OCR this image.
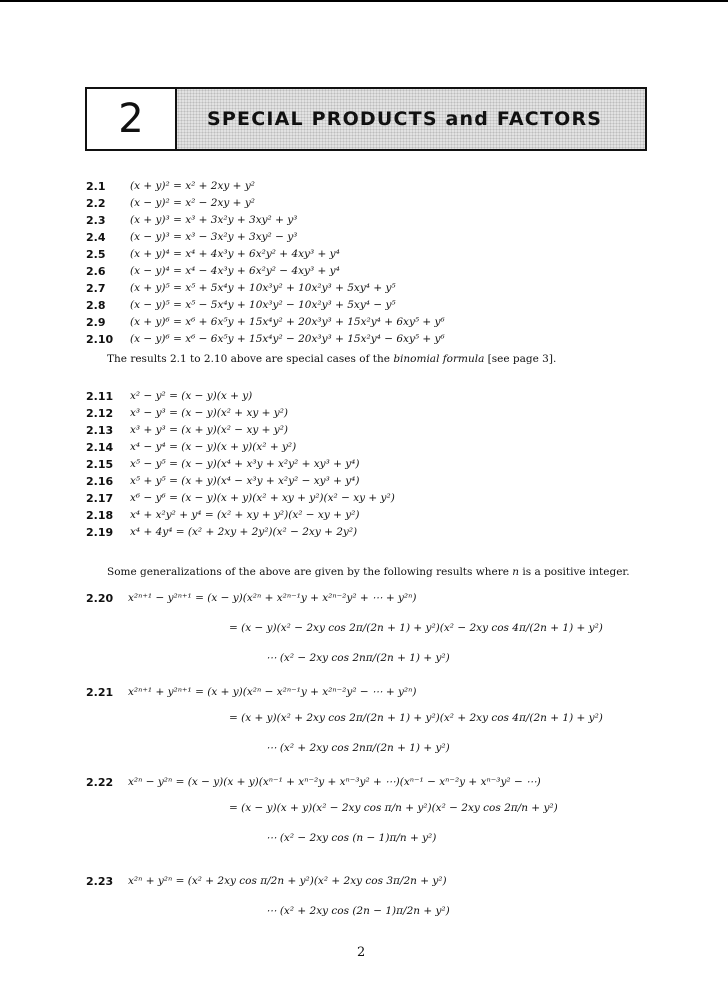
2	SPECIAL PRODUCTS and FACTORS
2.1 (x + y)² = x² + 2xy + y²
2.2 (x − y)² = x² − 2xy + y²
2.3 (x + y)³ = x³ + 3x²y + 3xy² + y³
2.4 (x − y)³ = x³ − 3x²y + 3xy² − y³
2.5 (x + y)⁴ = x⁴ + 4x³y + 6x²y² + 4xy³ + y⁴
2.6 (x − y)⁴ = x⁴ − 4x³y + 6x²y² − 4xy³ + y⁴
2.7 (x + y)⁵ = x⁵ + 5x⁴y + 10x³y² + 10x²y³ + 5xy⁴ + y⁵
2.8 (x − y)⁵ = x⁵ − 5x⁴y + 10x³y² − 10x²y³ + 5xy⁴ − y⁵
2.9 (x + y)⁶ = x⁶ + 6x⁵y + 15x⁴y² + 20x³y³ + 15x²y⁴ + 6xy⁵ + y⁶
2.10 (x − y)⁶ = x⁶ − 6x⁵y + 15x⁴y² − 20x³y³ + 15x²y⁴ − 6xy⁵ + y⁶
The results 2.1 to 2.10 above are special cases of the binomial formula [see page 3].
2.11 x² − y² = (x − y)(x + y)
2.12 x³ − y³ = (x − y)(x² + xy + y²)
2.13 x³ + y³ = (x + y)(x² − xy + y²)
2.14 x⁴ − y⁴ = (x − y)(x + y)(x² + y²)
2.15 x⁵ − y⁵ = (x − y)(x⁴ + x³y + x²y² + xy³ + y⁴)
2.16 x⁵ + y⁵ = (x + y)(x⁴ − x³y + x²y² − xy³ + y⁴)
2.17 x⁶ − y⁶ = (x − y)(x + y)(x² + xy + y²)(x² − xy + y²)
2.18 x⁴ + x²y² + y⁴ = (x² + xy + y²)(x² − xy + y²)
2.19 x⁴ + 4y⁴ = (x² + 2xy + 2y²)(x² − 2xy + 2y²)
Some generalizations of the above are given by the following results where n is a positive integer.
2.20 x²ⁿ⁺¹ − y²ⁿ⁺¹ = (x − y)(x²ⁿ + x²ⁿ⁻¹y + x²ⁿ⁻²y² + ⋯ + y²ⁿ)
= (x − y)(x² − 2xy cos 2π/(2n + 1) + y²)(x² − 2xy cos 4π/(2n + 1) + y²)
⋯ (x² − 2xy cos 2nπ/(2n + 1) + y²)
2.21 x²ⁿ⁺¹ + y²ⁿ⁺¹ = (x + y)(x²ⁿ − x²ⁿ⁻¹y + x²ⁿ⁻²y² − ⋯ + y²ⁿ)
= (x + y)(x² + 2xy cos 2π/(2n + 1) + y²)(x² + 2xy cos 4π/(2n + 1) + y²)
⋯ (x² + 2xy cos 2nπ/(2n + 1) + y²)
2.22 x²ⁿ − y²ⁿ = (x − y)(x + y)(xⁿ⁻¹ + xⁿ⁻²y + xⁿ⁻³y² + ⋯)(xⁿ⁻¹ − xⁿ⁻²y + xⁿ⁻³y² − ⋯)
= (x − y)(x + y)(x² − 2xy cos π/n + y²)(x² − 2xy cos 2π/n + y²)
⋯ (x² − 2xy cos (n − 1)π/n + y²)
2.23 x²ⁿ + y²ⁿ = (x² + 2xy cos π/2n + y²)(x² + 2xy cos 3π/2n + y²)
⋯ (x² + 2xy cos (2n − 1)π/2n + y²)
2
